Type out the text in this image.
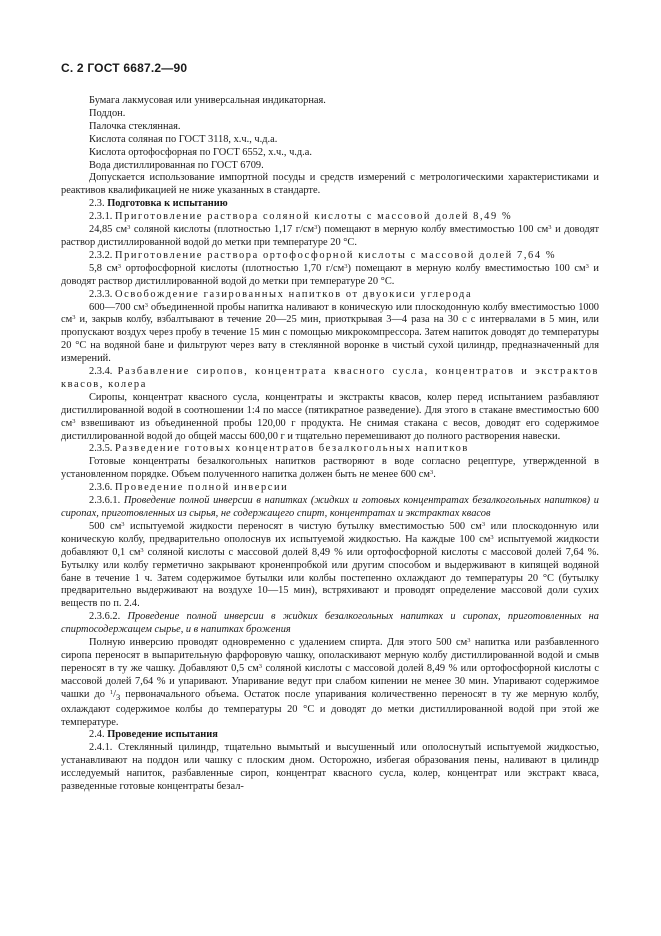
С. 2 ГОСТ 6687.2—90

Бумага лакмусовая или универсальная индикаторная.

Поддон.

Палочка стеклянная.

Кислота соляная по ГОСТ 3118, х.ч., ч.д.а.

Кислота ортофосфорная по ГОСТ 6552, х.ч., ч.д.а.

Вода дистиллированная по ГОСТ 6709.

Допускается использование импортной посуды и средств измерений с метрологическими характеристиками и реактивов квалификацией не ниже указанных в стандарте.

2.3. Подготовка к испытанию

2.3.1. Приготовление раствора соляной кислоты с массовой долей 8,49 %

24,85 $см^3$ соляной кислоты (плотностью 1,17 $г/см^3$) помещают в мерную колбу вместимостью 100 $см^3$ и доводят раствор дистиллированной водой до метки при температуре 20 °С.

2.3.2. Приготовление раствора ортофосфорной кислоты с массовой долей 7,64 %

5,8 $см^3$ ортофосфорной кислоты (плотностью 1,70 $г/см^3$) помещают в мерную колбу вместимостью 100 $см^3$ и доводят раствор дистиллированной водой до метки при температуре 20 °С.

2.3.3. Освобождение газированных напитков от двуокиси углерода

600—700 $см^3$ объединенной пробы напитка наливают в коническую или плоскодонную колбу вместимостью 1000 $см^3$ и, закрыв колбу, взбалтывают в течение 20—25 мин, приоткрывая 3—4 раза на 30 с с интервалами в 5 мин, или пропускают воздух через пробу в течение 15 мин с помощью микрокомпрессора. Затем напиток доводят до температуры 20 °С на водяной бане и фильтруют через вату в стеклянной воронке в чистый сухой цилиндр, предназначенный для измерений.

2.3.4. Разбавление сиропов, концентрата квасного сусла, концентратов и экстрактов квасов, колера

Сиропы, концентрат квасного сусла, концентраты и экстракты квасов, колер перед испытанием разбавляют дистиллированной водой в соотношении 1:4 по массе (пятикратное разведение). Для этого в стакане вместимостью 600 $см^3$ взвешивают из объединенной пробы 120,00 г продукта. Не снимая стакана с весов, доводят его содержимое дистиллированной водой до общей массы 600,00 г и тщательно перемешивают до полного растворения навески.

2.3.5. Разведение готовых концентратов безалкогольных напитков

Готовые концентраты безалкогольных напитков растворяют в воде согласно рецептуре, утвержденной в установленном порядке. Объем полученного напитка должен быть не менее 600 $см^3$.

2.3.6. Проведение полной инверсии

2.3.6.1. Проведение полной инверсии в напитках (жидких и готовых концентратах безалкогольных напитков) и сиропах, приготовленных из сырья, не содержащего спирт, концентратах и экстрактах квасов

500 $см^3$ испытуемой жидкости переносят в чистую бутылку вместимостью 500 $см^3$ или плоскодонную или коническую колбу, предварительно ополоснув их испытуемой жидкостью. На каждые 100 $см^3$ испытуемой жидкости добавляют 0,1 $см^3$ соляной кислоты с массовой долей 8,49 % или ортофосфорной кислоты с массовой долей 7,64 %. Бутылку или колбу герметично закрывают кроненпробкой или другим способом и выдерживают в кипящей водяной бане в течение 1 ч. Затем содержимое бутылки или колбы постепенно охлаждают до температуры 20 °С (бутылку предварительно выдерживают на воздухе 10—15 мин), встряхивают и проводят определение массовой доли сухих веществ по п. 2.4.

2.3.6.2. Проведение полной инверсии в жидких безалкогольных напитках и сиропах, приготовленных на спиртосодержащем сырье, и в напитках брожения

Полную инверсию проводят одновременно с удалением спирта. Для этого 500 $см^3$ напитка или разбавленного сиропа переносят в выпарительную фарфоровую чашку, ополаскивают мерную колбу дистиллированной водой и смыв переносят в ту же чашку. Добавляют 0,5 $см^3$ соляной кислоты с массовой долей 8,49 % или ортофосфорной кислоты с массовой долей 7,64 % и упаривают. Упаривание ведут при слабом кипении не менее 30 мин. Упаривают содержимое чашки до $^1/_3$ первоначального объема. Остаток после упаривания количественно переносят в ту же мерную колбу, охлаждают содержимое колбы до температуры 20 °С и доводят до метки дистиллированной водой при этой же температуре.

2.4. Проведение испытания

2.4.1. Стеклянный цилиндр, тщательно вымытый и высушенный или ополоснутый испытуемой жидкостью, устанавливают на поддон или чашку с плоским дном. Осторожно, избегая образования пены, наливают в цилиндр исследуемый напиток, разбавленные сироп, концентрат квасного сусла, колер, концентрат или экстракт кваса, разведенные готовые концентраты безал-
